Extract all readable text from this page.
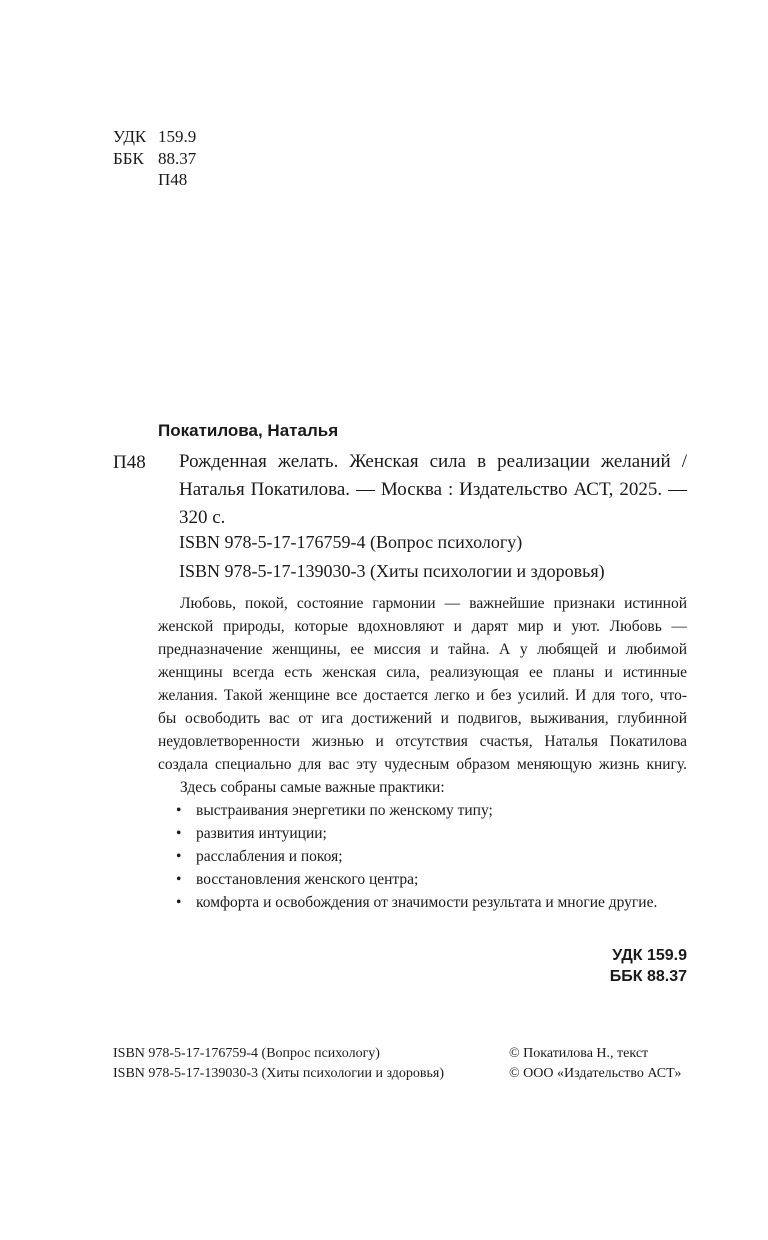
УДК 159.9
ББК 88.37
П48
Покатилова, Наталья
П48 Рожденная желать. Женская сила в реализации желаний /
Наталья Покатилова. — Москва : Издательство АСТ, 2025. —
320 с.
ISBN 978-5-17-176759-4 (Вопрос психологу)
ISBN 978-5-17-139030-3 (Хиты психологии и здоровья)
Любовь, покой, состояние гармонии — важнейшие признаки истинной
женской природы, которые вдохновляют и дарят мир и уют. Любовь —
предназначение женщины, ее миссия и тайна. А у любящей и любимой
женщины всегда есть женская сила, реализующая ее планы и истинные
желания. Такой женщине все достается легко и без усилий. И для того, что-
бы освободить вас от ига достижений и подвигов, выживания, глубинной
неудовлетворенности жизнью и отсутствия счастья, Наталья Покатилова
создала специально для вас эту чудесным образом меняющую жизнь книгу.
Здесь собраны самые важные практики:
• выстраивания энергетики по женскому типу;
• развития интуиции;
• расслабления и покоя;
• восстановления женского центра;
• комфорта и освобождения от значимости результата и многие другие.
УДК 159.9
ББК 88.37
ISBN 978-5-17-176759-4 (Вопрос психологу)
ISBN 978-5-17-139030-3 (Хиты психологии и здоровья)
© Покатилова Н., текст
© ООО «Издательство АСТ»
